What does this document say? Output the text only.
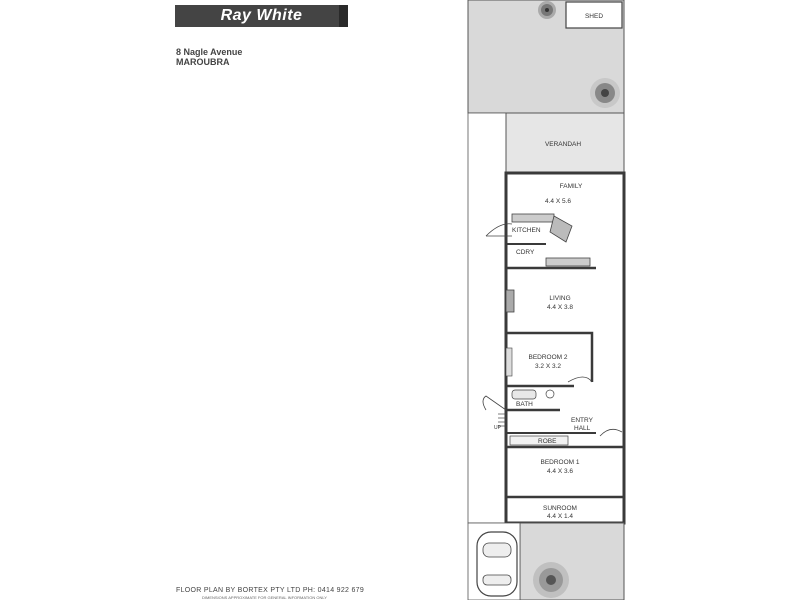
Ray White
8 Nagle Avenue
MAROUBRA
SHED
VERANDAH
FAMILY
4.4 X 5.6
KITCHEN
CDRY
LIVING
4.4 X 3.8
BEDROOM 2
3.2 X 3.2
BATH
ENTRY
HALL
UP
ROBE
BEDROOM 1
4.4 X 3.6
SUNROOM
4.4 X 1.4
FLOOR PLAN BY BORTEX PTY LTD PH: 0414 922 679
DIMENSIONS APPROXIMATE FOR GENERAL INFORMATION ONLY
